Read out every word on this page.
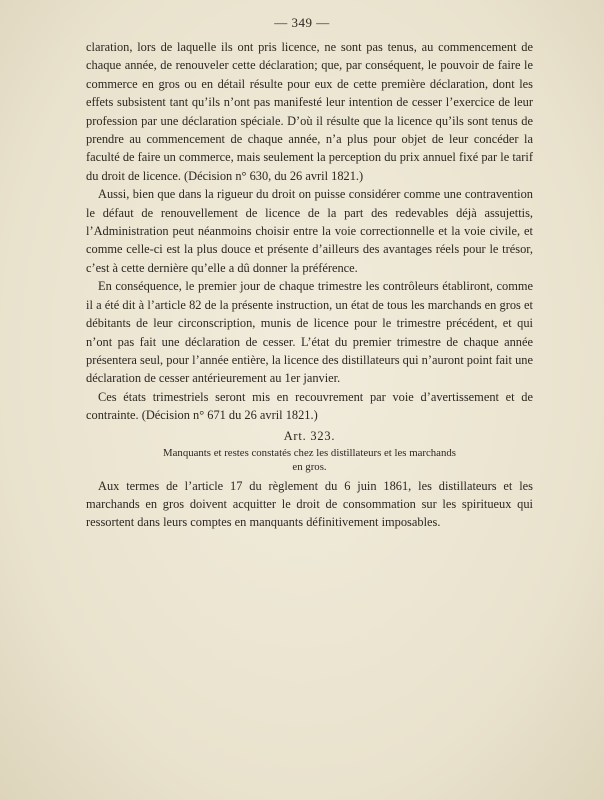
— 349 —

claration, lors de laquelle ils ont pris licence, ne sont pas tenus, au commencement de chaque année, de renouveler cette déclaration; que, par conséquent, le pouvoir de faire le commerce en gros ou en détail résulte pour eux de cette première déclaration, dont les effets subsistent tant qu’ils n’ont pas manifesté leur intention de cesser l’exercice de leur profession par une déclaration spéciale. D’où il résulte que la licence qu’ils sont tenus de prendre au commencement de chaque année, n’a plus pour objet de leur concéder la faculté de faire un commerce, mais seulement la perception du prix annuel fixé par le tarif du droit de licence. (Décision n° 630, du 26 avril 1821.)

Aussi, bien que dans la rigueur du droit on puisse considérer comme une contravention le défaut de renouvellement de licence de la part des redevables déjà assujettis, l’Administration peut néanmoins choisir entre la voie correctionnelle et la voie civile, et comme celle-ci est la plus douce et présente d’ailleurs des avantages réels pour le trésor, c’est à cette dernière qu’elle a dû donner la préférence.

En conséquence, le premier jour de chaque trimestre les contrôleurs établiront, comme il a été dit à l’article 82 de la présente instruction, un état de tous les marchands en gros et débitants de leur circonscription, munis de licence pour le trimestre précédent, et qui n’ont pas fait une déclaration de cesser. L’état du premier trimestre de chaque année présentera seul, pour l’année entière, la licence des distillateurs qui n’auront point fait une déclaration de cesser antérieurement au 1er janvier.

Ces états trimestriels seront mis en recouvrement par voie d’avertissement et de contrainte. (Décision n° 671 du 26 avril 1821.)

Art. 323.
Manquants et restes constatés chez les distillateurs et les marchands
en gros.

Aux termes de l’article 17 du règlement du 6 juin 1861, les distillateurs et les marchands en gros doivent acquitter le droit de consommation sur les spiritueux qui ressortent dans leurs comptes en manquants définitivement imposables.
